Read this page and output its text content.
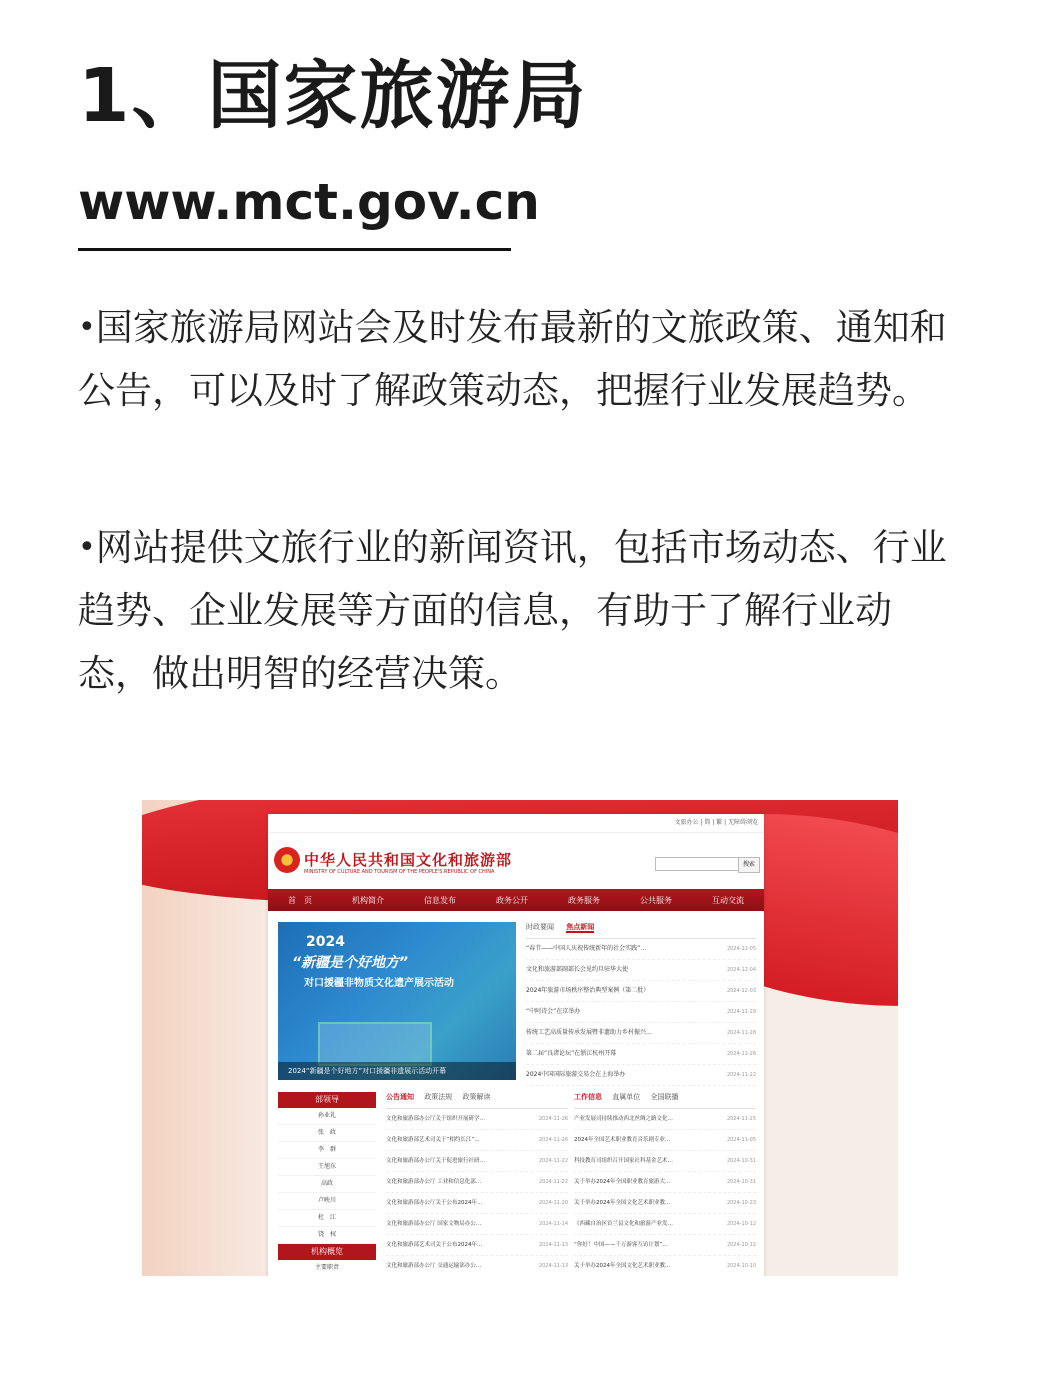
1、国家旅游局
www.mct.gov.cn
•国家旅游局网站会及时发布最新的文旅政策、通知和公告，可以及时了解政策动态，把握行业发展趋势。
•网站提供文旅行业的新闻资讯，包括市场动态、行业趋势、企业发展等方面的信息，有助于了解行业动态，做出明智的经营决策。
文旅办公 | 简 | 繁 | 无障碍浏览
中华人民共和国文化和旅游部
MINISTRY OF CULTURE AND TOURISM OF THE PEOPLE'S REPUBLIC OF CHINA
搜索
首　页	机构简介	信息发布	政务公开	政务服务	公共服务	互动交流
2024
“新疆是个好地方”
对口援疆非物质文化遗产展示活动
2024“新疆是个好地方”对口援疆非遗展示活动开幕
时政要闻 焦点新闻
“春节——中国人庆祝传统新年的社会实践”…	2024-12-05
文化和旅游部副部长会见约旦驻华大使	2024-12-04
2024年旅游市场秩序整治典型案例（第二批）	2024-12-03
“中阿诗会”在京举办	2024-11-29
传统工艺高质量传承发展暨非遗助力乡村振兴…	2024-11-28
第二届“良渚论坛”在浙江杭州开幕	2024-11-26
2024中国国际旅游交易会在上海举办	2024-11-22
部领导
孙业礼
张　政
李　群
王旭东
高政
卢映川
杜　江
饶　权
机构概览
主要职责
公告通知 政策法规 政策解读
文化和旅游部办公厅关于组织开展研学…	2024-11-26
文化和旅游部艺术司关于“相约长江”…	2024-11-26
文化和旅游部办公厅关于促进旅行社研…	2024-11-22
文化和旅游部办公厅 工业和信息化部…	2024-11-22
文化和旅游部办公厅关于公布2024年…	2024-11-20
文化和旅游部办公厅 国家文物局办公…	2024-11-14
文化和旅游部艺术司关于公布2024年…	2024-11-13
文化和旅游部办公厅 交通运输部办公…	2024-11-13
工作信息 直属单位 全国联播
产业发展司持续推动西北丝绸之路文化…	2024-11-25
2024年全国艺术职业教育音乐剧专业…	2024-11-05
科技教育司组织召开国家社科基金艺术…	2024-10-31
关于举办2024年全国职业教育旅游大…	2024-10-31
关于举办2024年全国文化艺术职业教…	2024-10-23
《西藏自治区首兰县文化和旅游产业发…	2024-10-12
“你好！中国——千万游客互访计划”…	2024-10-12
关于举办2024年全国文化艺术职业教…	2024-10-10
